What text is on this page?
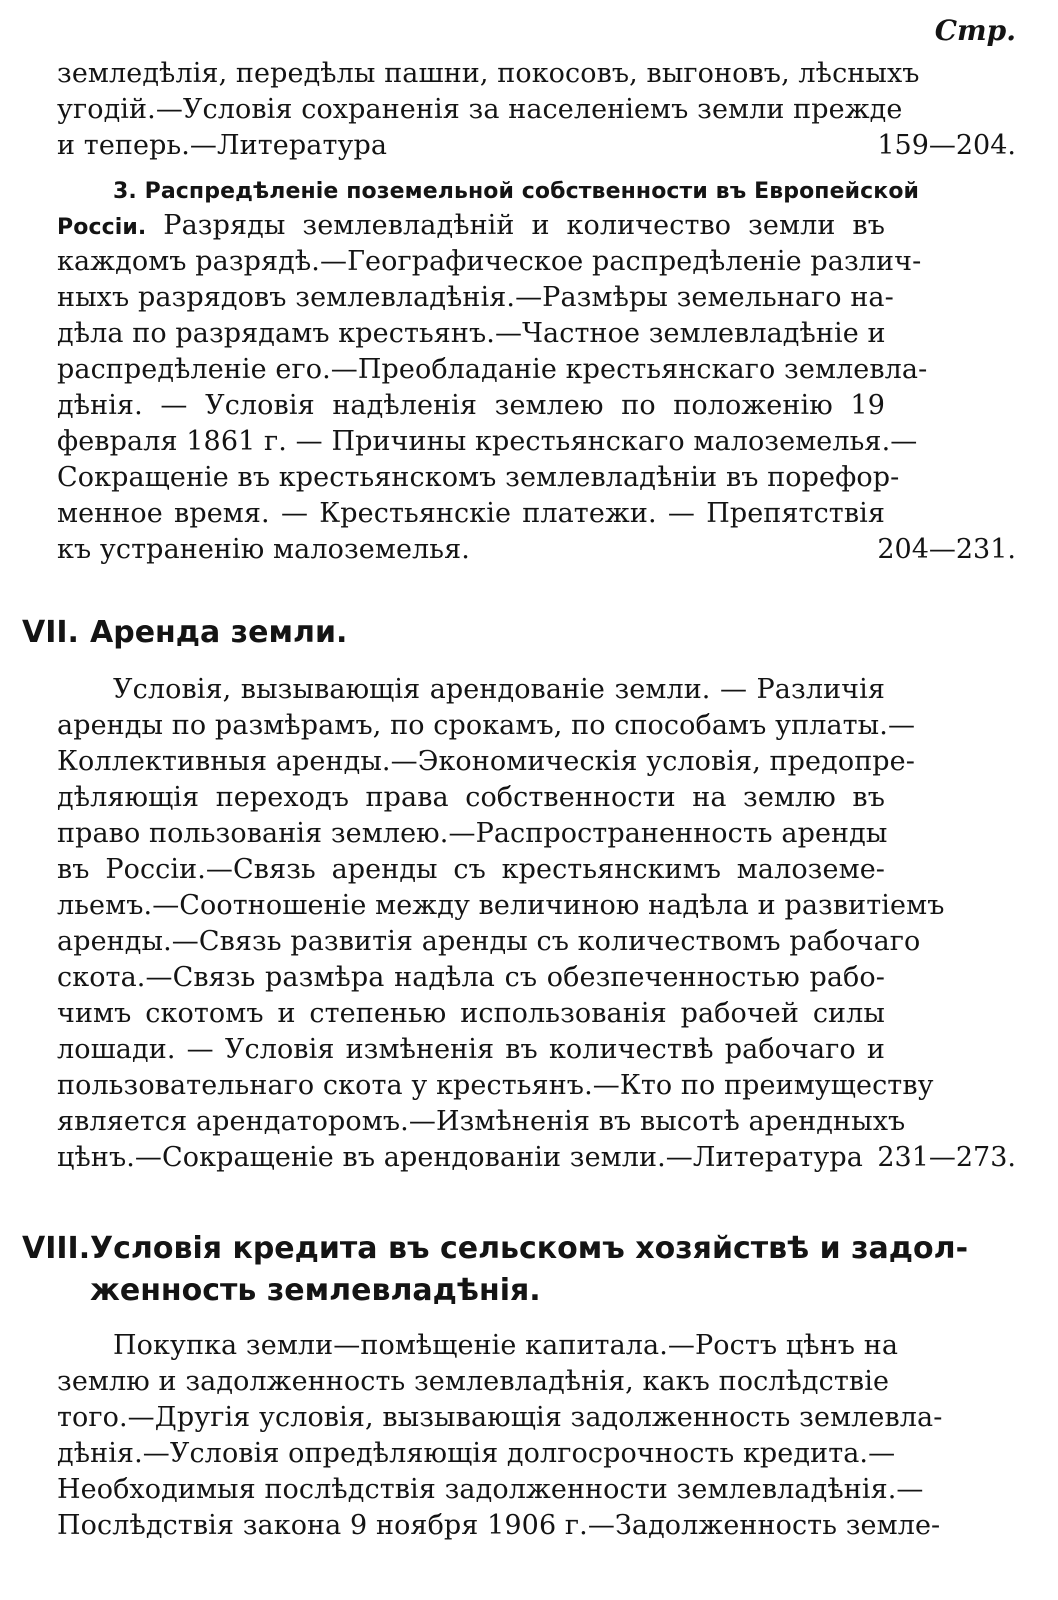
Стр.
земледѣлія, передѣлы пашни, покосовъ, выгоновъ, лѣсныхъ
угодій.—Условія сохраненія за населеніемъ земли прежде
и теперь.—Литература	159—204.
3. Распредѣленіе поземельной собственности въ Европейской
Россіи. Разряды землевладѣній и количество земли въ
каждомъ разрядѣ.—Географическое распредѣленіе различ-
ныхъ разрядовъ землевладѣнія.—Размѣры земельнаго на-
дѣла по разрядамъ крестьянъ.—Частное землевладѣніе и
распредѣленіе его.—Преобладаніе крестьянскаго землевла-
дѣнія. — Условія надѣленія землею по положенію 19
февраля 1861 г. — Причины крестьянскаго малоземелья.—
Сокращеніе въ крестьянскомъ землевладѣніи въ порефор-
менное время. — Крестьянскіе платежи. — Препятствія
къ устраненію малоземелья.	204—231.
VII. Аренда земли.
Условія, вызывающія арендованіе земли. — Различія
аренды по размѣрамъ, по срокамъ, по способамъ уплаты.—
Коллективныя аренды.—Экономическія условія, предопре-
дѣляющія переходъ права собственности на землю въ
право пользованія землею.—Распространенность аренды
въ Россіи.—Связь аренды съ крестьянскимъ малоземе-
льемъ.—Соотношеніе между величиною надѣла и развитіемъ
аренды.—Связь развитія аренды съ количествомъ рабочаго
скота.—Связь размѣра надѣла съ обезпеченностью рабо-
чимъ скотомъ и степенью использованія рабочей силы
лошади. — Условія измѣненія въ количествѣ рабочаго и
пользовательнаго скота у крестьянъ.—Кто по преимуществу
является арендаторомъ.—Измѣненія въ высотѣ арендныхъ
цѣнъ.—Сокращеніе въ арендованіи земли.—Литература 231—273.
VIII.Условія кредита въ сельскомъ хозяйствѣ и задол-
женность землевладѣнія.
Покупка земли—помѣщеніе капитала.—Ростъ цѣнъ на
землю и задолженность землевладѣнія, какъ послѣдствіе
того.—Другія условія, вызывающія задолженность землевла-
дѣнія.—Условія опредѣляющія долгосрочность кредита.—
Необходимыя послѣдствія задолженности землевладѣнія.—
Послѣдствія закона 9 ноября 1906 г.—Задолженность земле-
